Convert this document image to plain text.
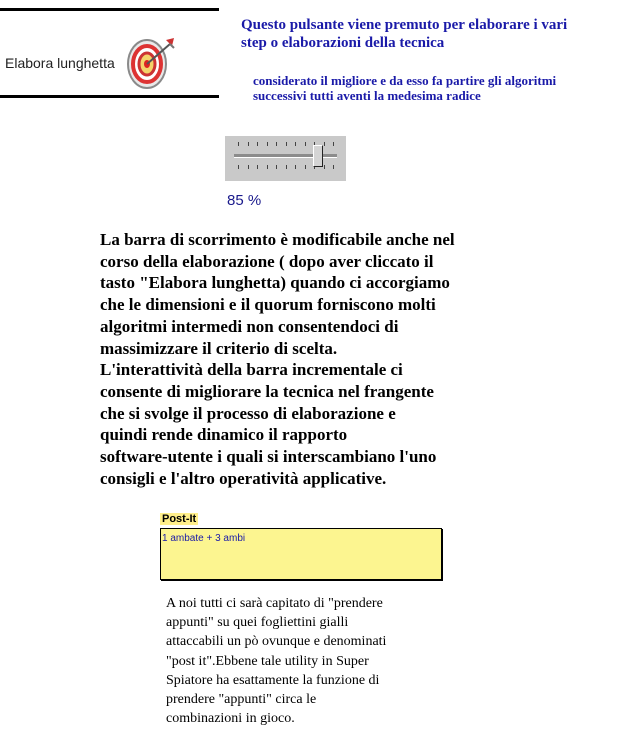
Elabora lunghetta
Questo pulsante viene premuto per elaborare i vari
step o elaborazioni della tecnica
considerato il migliore e da esso fa partire gli algoritmi
successivi tutti aventi la medesima radice
85 %
La barra di scorrimento è modificabile anche nel
corso della elaborazione ( dopo aver cliccato il
tasto "Elabora lunghetta) quando ci accorgiamo
che le dimensioni e il quorum forniscono molti
algoritmi intermedi non consentendoci di
massimizzare il criterio di scelta.
L'interattività della barra incrementale ci
consente di migliorare la tecnica nel frangente
che si svolge il processo di elaborazione e
quindi rende dinamico il rapporto
software-utente i quali si interscambiano l'uno
consigli e l'altro operatività applicative.
Post-It
1 ambate + 3 ambi
A noi tutti ci sarà capitato di "prendere
appunti" su quei fogliettini gialli
attaccabili un pò ovunque e denominati
"post it".Ebbene tale utility in Super
Spiatore ha esattamente la funzione di
prendere "appunti" circa le
combinazioni in gioco.
